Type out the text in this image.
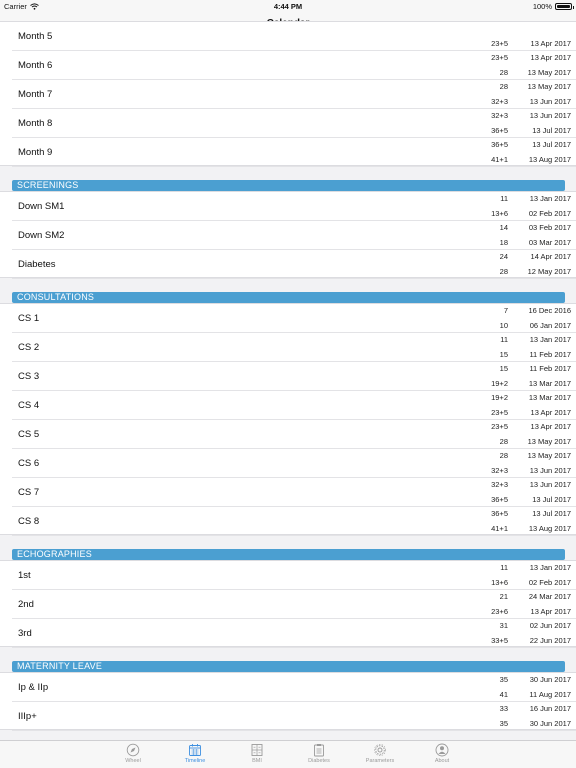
Carrier	4:44 PM	100%
Month 5
23+5	13 Apr 2017
Month 6
23+5	13 Apr 2017
28	13 May 2017
Month 7
28	13 May 2017
32+3	13 Jun 2017
Month 8
32+3	13 Jun 2017
36+5	13 Jul 2017
Month 9
36+5	13 Jul 2017
41+1	13 Aug 2017
SCREENINGS
Down SM1
11	13 Jan 2017
13+6	02 Feb 2017
Down SM2
14	03 Feb 2017
18	03 Mar 2017
Diabetes
24	14 Apr 2017
28	12 May 2017
CONSULTATIONS
CS 1
7	16 Dec 2016
10	06 Jan 2017
CS 2
11	13 Jan 2017
15	11 Feb 2017
CS 3
15	11 Feb 2017
19+2	13 Mar 2017
CS 4
19+2	13 Mar 2017
23+5	13 Apr 2017
CS 5
23+5	13 Apr 2017
28	13 May 2017
CS 6
28	13 May 2017
32+3	13 Jun 2017
CS 7
32+3	13 Jun 2017
36+5	13 Jul 2017
CS 8
36+5	13 Jul 2017
41+1	13 Aug 2017
ECHOGRAPHIES
1st
11	13 Jan 2017
13+6	02 Feb 2017
2nd
21	24 Mar 2017
23+6	13 Apr 2017
3rd
31	02 Jun 2017
33+5	22 Jun 2017
MATERNITY LEAVE
Ip & IIp
35	30 Jun 2017
41	11 Aug 2017
IIIp+
33	16 Jun 2017
35	30 Jun 2017
Wheel	Timeline	BMI	Diabetes	Parameters	About
